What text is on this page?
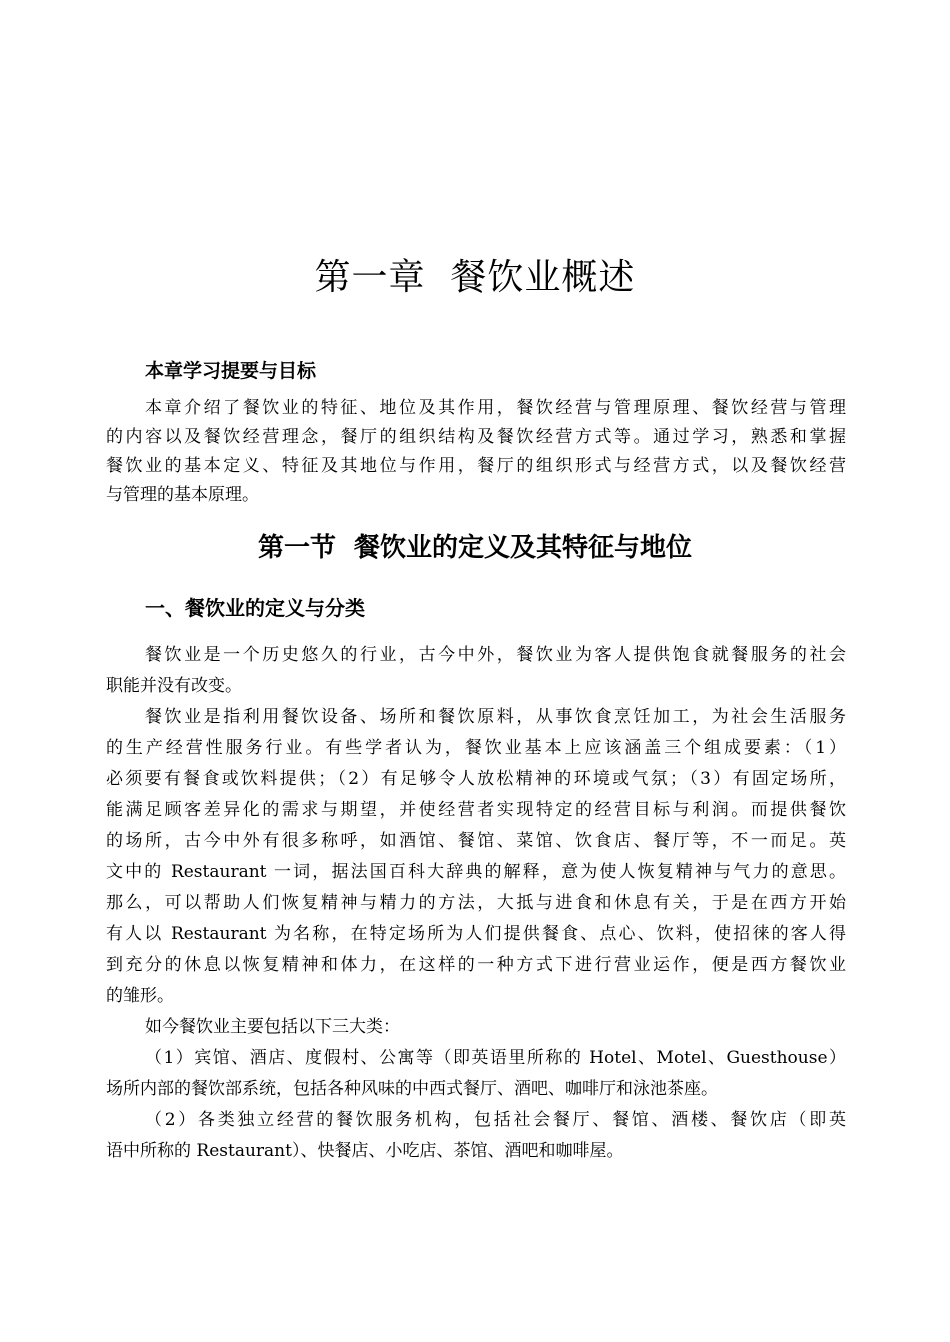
第一章  餐饮业概述
本章学习提要与目标
本章介绍了餐饮业的特征、地位及其作用，餐饮经营与管理原理、餐饮经营与管理
的内容以及餐饮经营理念，餐厅的组织结构及餐饮经营方式等。通过学习，熟悉和掌握
餐饮业的基本定义、特征及其地位与作用，餐厅的组织形式与经营方式，以及餐饮经营
与管理的基本原理。
第一节  餐饮业的定义及其特征与地位
一、餐饮业的定义与分类
餐饮业是一个历史悠久的行业，古今中外，餐饮业为客人提供饱食就餐服务的社会
职能并没有改变。
餐饮业是指利用餐饮设备、场所和餐饮原料，从事饮食烹饪加工，为社会生活服务
的生产经营性服务行业。有些学者认为，餐饮业基本上应该涵盖三个组成要素：（1）
必须要有餐食或饮料提供；（2）有足够令人放松精神的环境或气氛；（3）有固定场所，
能满足顾客差异化的需求与期望，并使经营者实现特定的经营目标与利润。而提供餐饮
的场所，古今中外有很多称呼，如酒馆、餐馆、菜馆、饮食店、餐厅等，不一而足。英
文中的 Restaurant 一词，据法国百科大辞典的解释，意为使人恢复精神与气力的意思。
那么，可以帮助人们恢复精神与精力的方法，大抵与进食和休息有关，于是在西方开始
有人以 Restaurant 为名称，在特定场所为人们提供餐食、点心、饮料，使招徕的客人得
到充分的休息以恢复精神和体力，在这样的一种方式下进行营业运作，便是西方餐饮业
的雏形。
如今餐饮业主要包括以下三大类：
（1）宾馆、酒店、度假村、公寓等（即英语里所称的 Hotel、Motel、Guesthouse）
场所内部的餐饮部系统，包括各种风味的中西式餐厅、酒吧、咖啡厅和泳池茶座。
（2）各类独立经营的餐饮服务机构，包括社会餐厅、餐馆、酒楼、餐饮店（即英
语中所称的 Restaurant）、快餐店、小吃店、茶馆、酒吧和咖啡屋。
